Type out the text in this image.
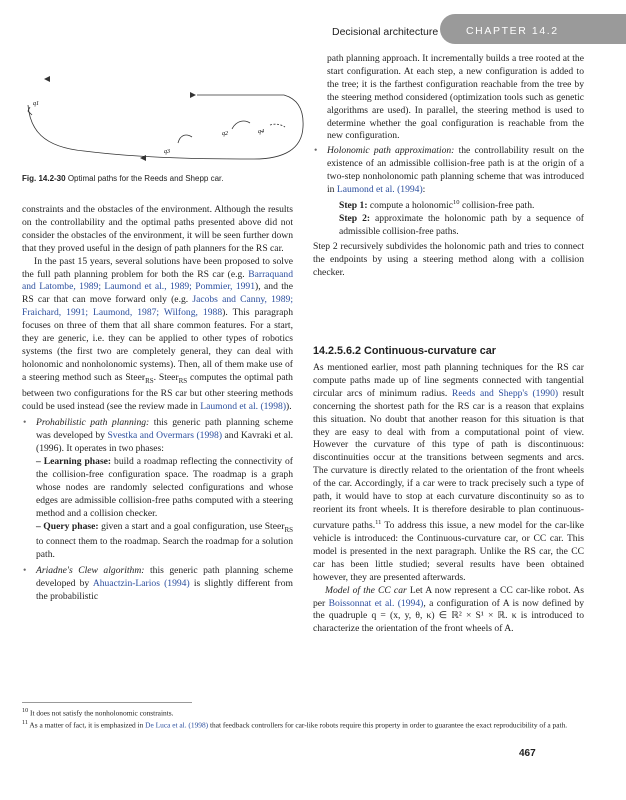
Decisional architecture	CHAPTER 14.2
q1
q2
q3
q4
Fig. 14.2-30 Optimal paths for the Reeds and Shepp car.

constraints and the obstacles of the environment. Although the results on the controllability and the optimal paths presented above did not consider the obstacles of the environment, it will be seen further down that they proved useful in the design of path planners for the RS car.

In the past 15 years, several solutions have been proposed to solve the full path planning problem for both the RS car (e.g. Barraquand and Latombe, 1989; Laumond et al., 1989; Pommier, 1991), and the RS car that can move forward only (e.g. Jacobs and Canny, 1989; Fraichard, 1991; Laumond, 1987; Wilfong, 1988). This paragraph focuses on three of them that all share common features. For a start, they are generic, i.e. they can be applied to other types of robotics systems (the first two are completely general, they can deal with holonomic and nonholonomic systems). Then, all of them make use of a steering method such as Steer$_{RS}$. Steer$_{RS}$ computes the optimal path between two configurations for the RS car but other steering methods could be used instead (see the review made in Laumond et al. (1998)).

• Prohabilistic path planning: this generic path planning scheme was developed by Svestka and Overmars (1998) and Kavraki et al. (1996). It operates in two phases:

– Learning phase: build a roadmap reflecting the connectivity of the collision-free configuration space. The roadmap is a graph whose nodes are randomly selected configurations and whose edges are admissible collision-free paths computed with a steering method and a collision checker.

– Query phase: given a start and a goal configuration, use Steer$_{RS}$ to connect them to the roadmap. Search the roadmap for a solution path.

• Ariadne's Clew algorithm: this generic path planning scheme developed by Ahuactzin-Larios (1994) is slightly different from the probabilistic

path planning approach. It incrementally builds a tree rooted at the start configuration. At each step, a new configuration is added to the tree; it is the farthest configuration reachable from the tree by the steering method considered (optimization tools such as genetic algorithms are used). In parallel, the steering method is used to determine whether the goal configuration is reachable from the new configuration.

• Holonomic path approximation: the controllability result on the existence of an admissible collision-free path is at the origin of a two-step nonholonomic path planning scheme that was introduced in Laumond et al. (1994):

Step 1: compute a holonomic$^{10}$ collision-free path.

Step 2: approximate the holonomic path by a sequence of admissible collision-free paths.

Step 2 recursively subdivides the holonomic path and tries to connect the endpoints by using a steering method along with a collision checker.

14.2.5.6.2 Continuous-curvature car

As mentioned earlier, most path planning techniques for the RS car compute paths made up of line segments connected with tangential circular arcs of minimum radius. Reeds and Shepp's (1990) result concerning the shortest path for the RS car is a reason that explains this situation. No doubt that another reason for this situation is that they are easy to deal with from a computational point of view. However the curvature of this type of path is discontinuous: discontinuities occur at the transitions between segments and arcs. The curvature is directly related to the orientation of the front wheels of the car. Accordingly, if a car were to track precisely such a type of path, it would have to stop at each curvature discontinuity so as to reorient its front wheels. It is therefore desirable to plan continuous-curvature paths.$^{11}$ To address this issue, a new model for the car-like vehicle is introduced: the Continuous-curvature car, or CC car. This model is presented in the next paragraph. Unlike the RS car, the CC car has been little studied; several results have been obtained however, they are presented afterwards.

Model of the CC car Let A now represent a CC car-like robot. As per Boissonnat et al. (1994), a configuration of A is now defined by the quadruple q = (x, y, θ, κ) ∈ ℝ² × S¹ × ℝ. κ is introduced to characterize the orientation of the front wheels of A.

$^{10}$ It does not satisfy the nonholonomic constraints.
$^{11}$ As a matter of fact, it is emphasized in De Luca et al. (1998) that feedback controllers for car-like robots require this property in order to guarantee the exact reproducibility of a path.
467
